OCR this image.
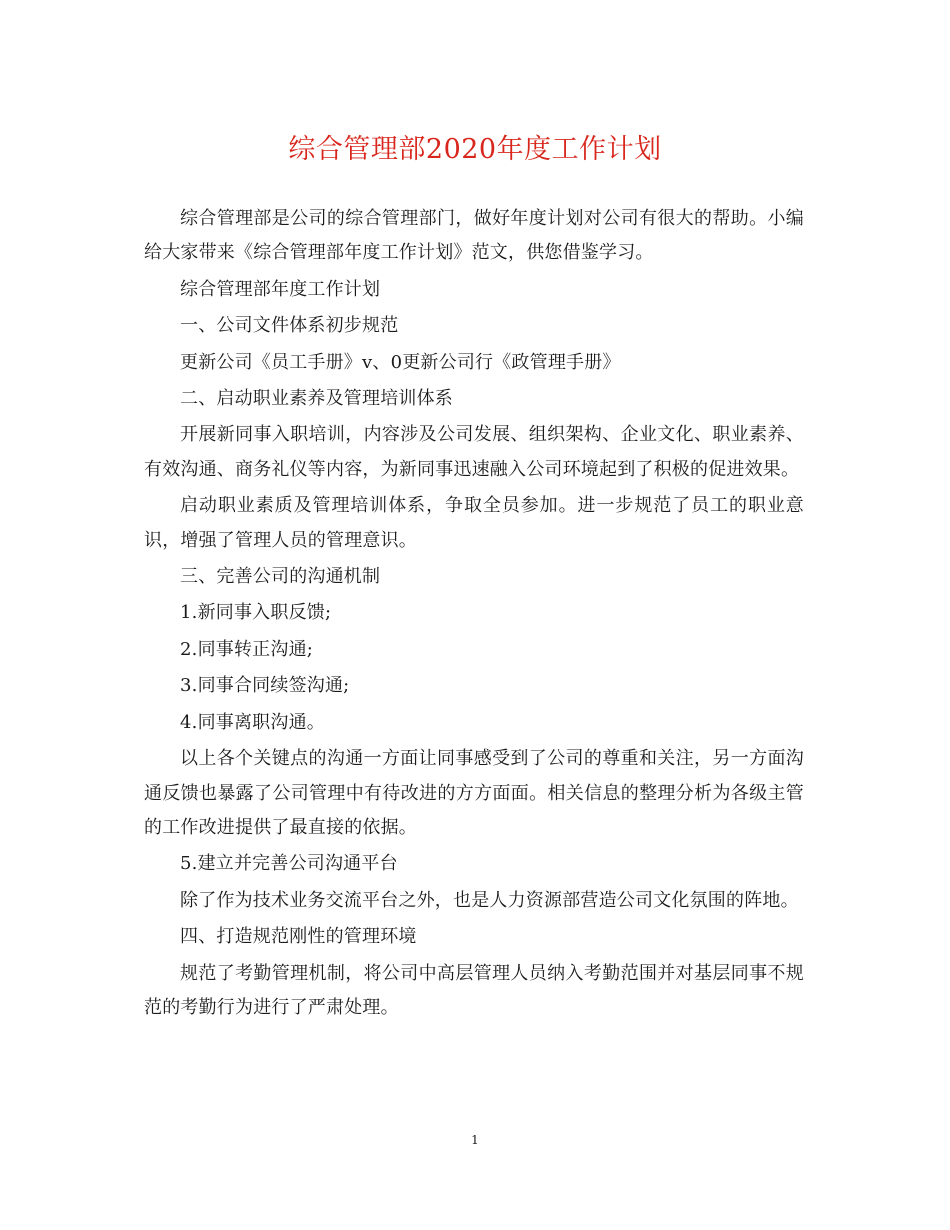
综合管理部2020年度工作计划

综合管理部是公司的综合管理部门，做好年度计划对公司有很大的帮助。小编给大家带来《综合管理部年度工作计划》范文，供您借鉴学习。

综合管理部年度工作计划

一、公司文件体系初步规范

更新公司《员工手册》v、0更新公司行《政管理手册》

二、启动职业素养及管理培训体系

开展新同事入职培训，内容涉及公司发展、组织架构、企业文化、职业素养、有效沟通、商务礼仪等内容，为新同事迅速融入公司环境起到了积极的促进效果。

启动职业素质及管理培训体系，争取全员参加。进一步规范了员工的职业意识，增强了管理人员的管理意识。

三、完善公司的沟通机制

1.新同事入职反馈;

2.同事转正沟通;

3.同事合同续签沟通;

4.同事离职沟通。

以上各个关键点的沟通一方面让同事感受到了公司的尊重和关注，另一方面沟通反馈也暴露了公司管理中有待改进的方方面面。相关信息的整理分析为各级主管的工作改进提供了最直接的依据。

5.建立并完善公司沟通平台

除了作为技术业务交流平台之外，也是人力资源部营造公司文化氛围的阵地。

四、打造规范刚性的管理环境

规范了考勤管理机制，将公司中高层管理人员纳入考勤范围并对基层同事不规范的考勤行为进行了严肃处理。

1
